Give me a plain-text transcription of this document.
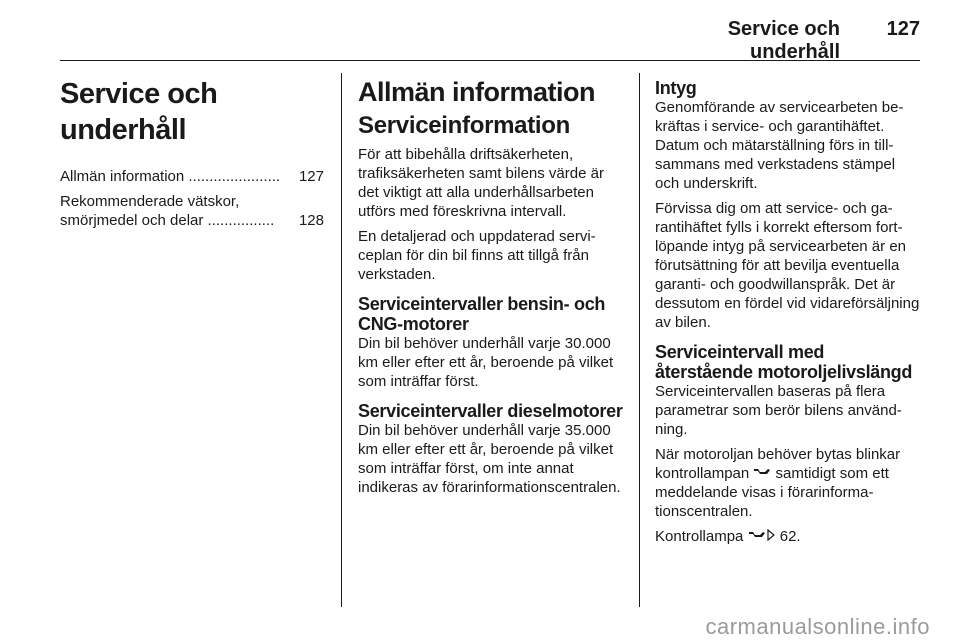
Service och underhåll
127
Service och underhåll
Allmän information ......................	127
Rekommenderade vätskor, smörjmedel och delar ................	128
Allmän information
Serviceinformation

För att bibehålla driftsäkerheten, trafiksäkerheten samt bilens värde är det viktigt att alla underhållsarbeten utförs med föreskrivna intervall.

En detaljerad och uppdaterad serviceplan för din bil finns att tillgå från verkstaden.

Serviceintervaller bensin- och CNG-motorer

Din bil behöver underhåll varje 30.000 km eller efter ett år, beroende på vilket som inträffar först.

Serviceintervaller dieselmotorer

Din bil behöver underhåll varje 35.000 km eller efter ett år, beroende på vilket som inträffar först, om inte annat indikeras av förarinformationscentralen.

Intyg

Genomförande av servicearbeten bekräftas i service- och garantihäftet. Datum och mätarställning förs in tillsammans med verkstadens stämpel och underskrift.

Förvissa dig om att service- och garantihäftet fylls i korrekt eftersom fortlöpande intyg på servicearbeten är en förutsättning för att bevilja eventuella garanti- och goodwillanspråk. Det är dessutom en fördel vid vidareförsäljning av bilen.

Serviceintervall med återstående motoroljelivslängd

Serviceintervallen baseras på flera parametrar som berör bilens användning.

När motoroljan behöver bytas blinkar kontrollampan  samtidigt som ett meddelande visas i förarinformationscentralen.

Kontrollampa  62.

carmanualsonline.info
